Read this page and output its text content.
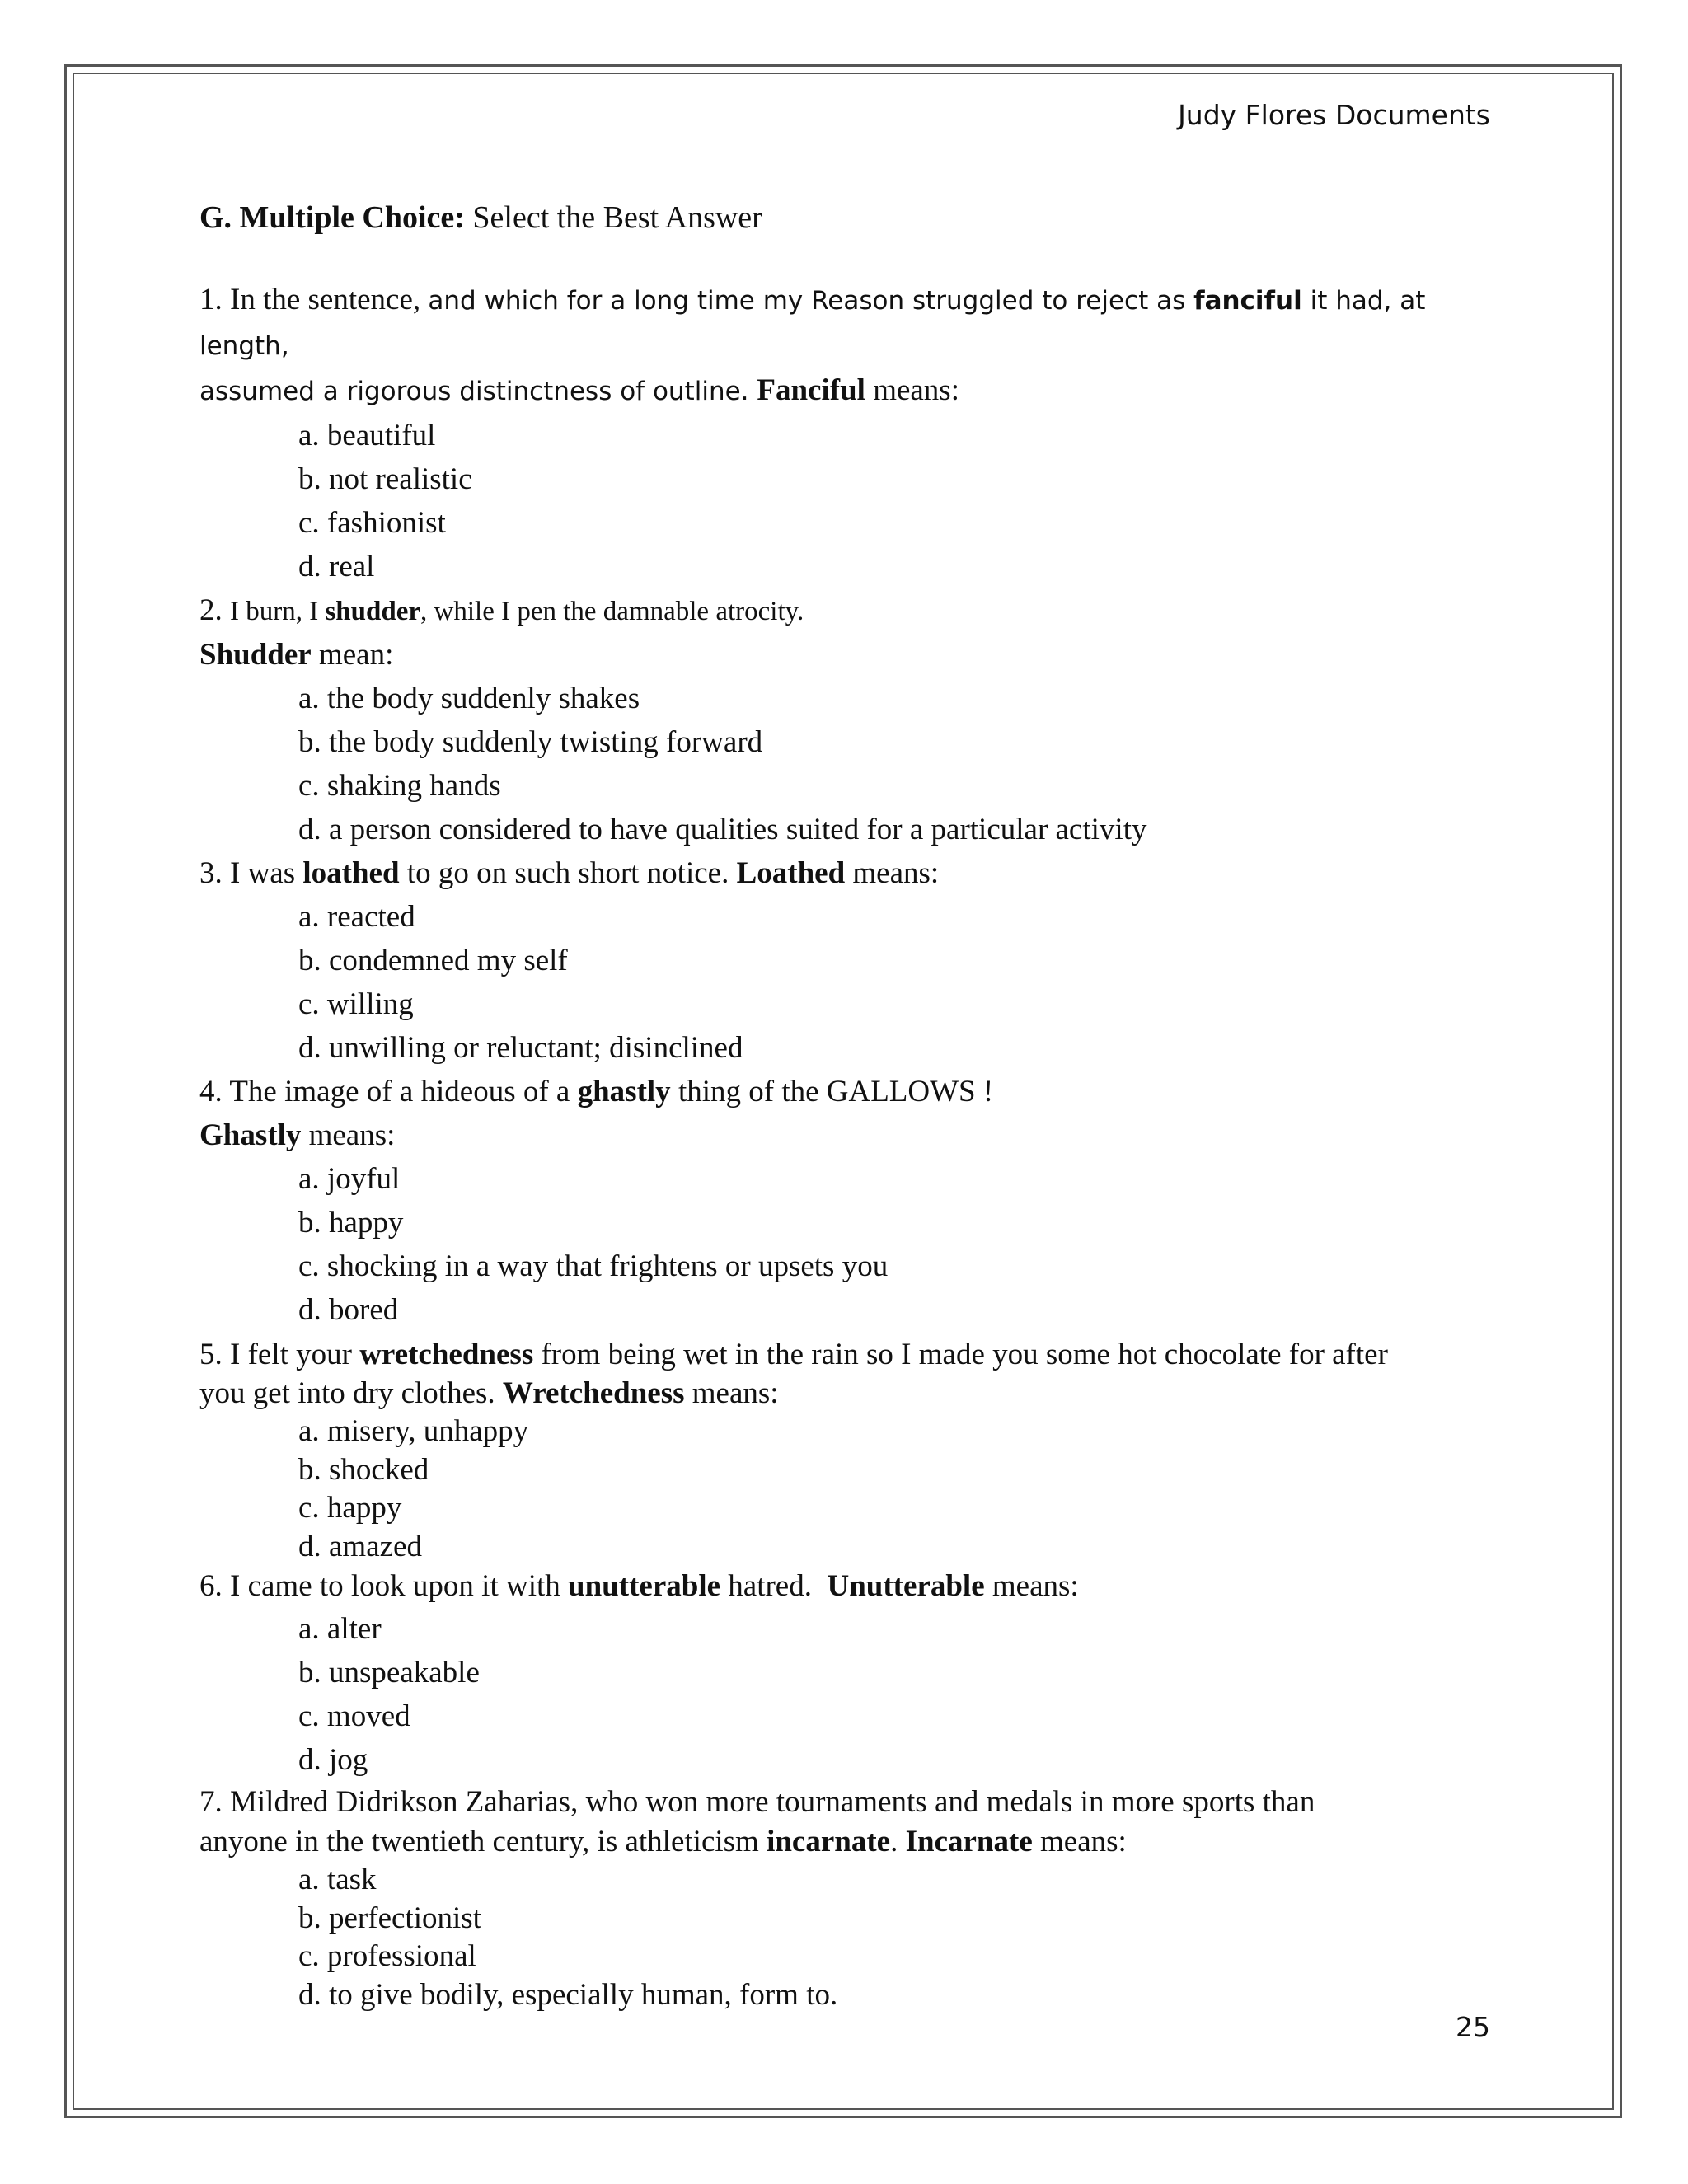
Judy Flores Documents

G. Multiple Choice: Select the Best Answer

1. In the sentence, and which for a long time my Reason struggled to reject as fanciful it had, at length,

assumed a rigorous distinctness of outline. Fanciful means:

a. beautiful

b. not realistic

c. fashionist

d. real

2. I burn, I shudder, while I pen the damnable atrocity.

Shudder mean:

a. the body suddenly shakes

b. the body suddenly twisting forward

c. shaking hands

d. a person considered to have qualities suited for a particular activity

3. I was loathed to go on such short notice. Loathed means:

a. reacted

b. condemned my self

c. willing

d. unwilling or reluctant; disinclined

4. The image of a hideous of a ghastly thing of the GALLOWS !

Ghastly means:

a. joyful

b. happy

c. shocking in a way that frightens or upsets you

d. bored

5. I felt your wretchedness from being wet in the rain so I made you some hot chocolate for after

you get into dry clothes. Wretchedness means:

a. misery, unhappy

b. shocked

c. happy

d. amazed

6. I came to look upon it with unutterable hatred.  Unutterable means:

a. alter

b. unspeakable

c. moved

d. jog

7. Mildred Didrikson Zaharias, who won more tournaments and medals in more sports than

anyone in the twentieth century, is athleticism incarnate. Incarnate means:

a. task

b. perfectionist

c. professional

d. to give bodily, especially human, form to.

25
